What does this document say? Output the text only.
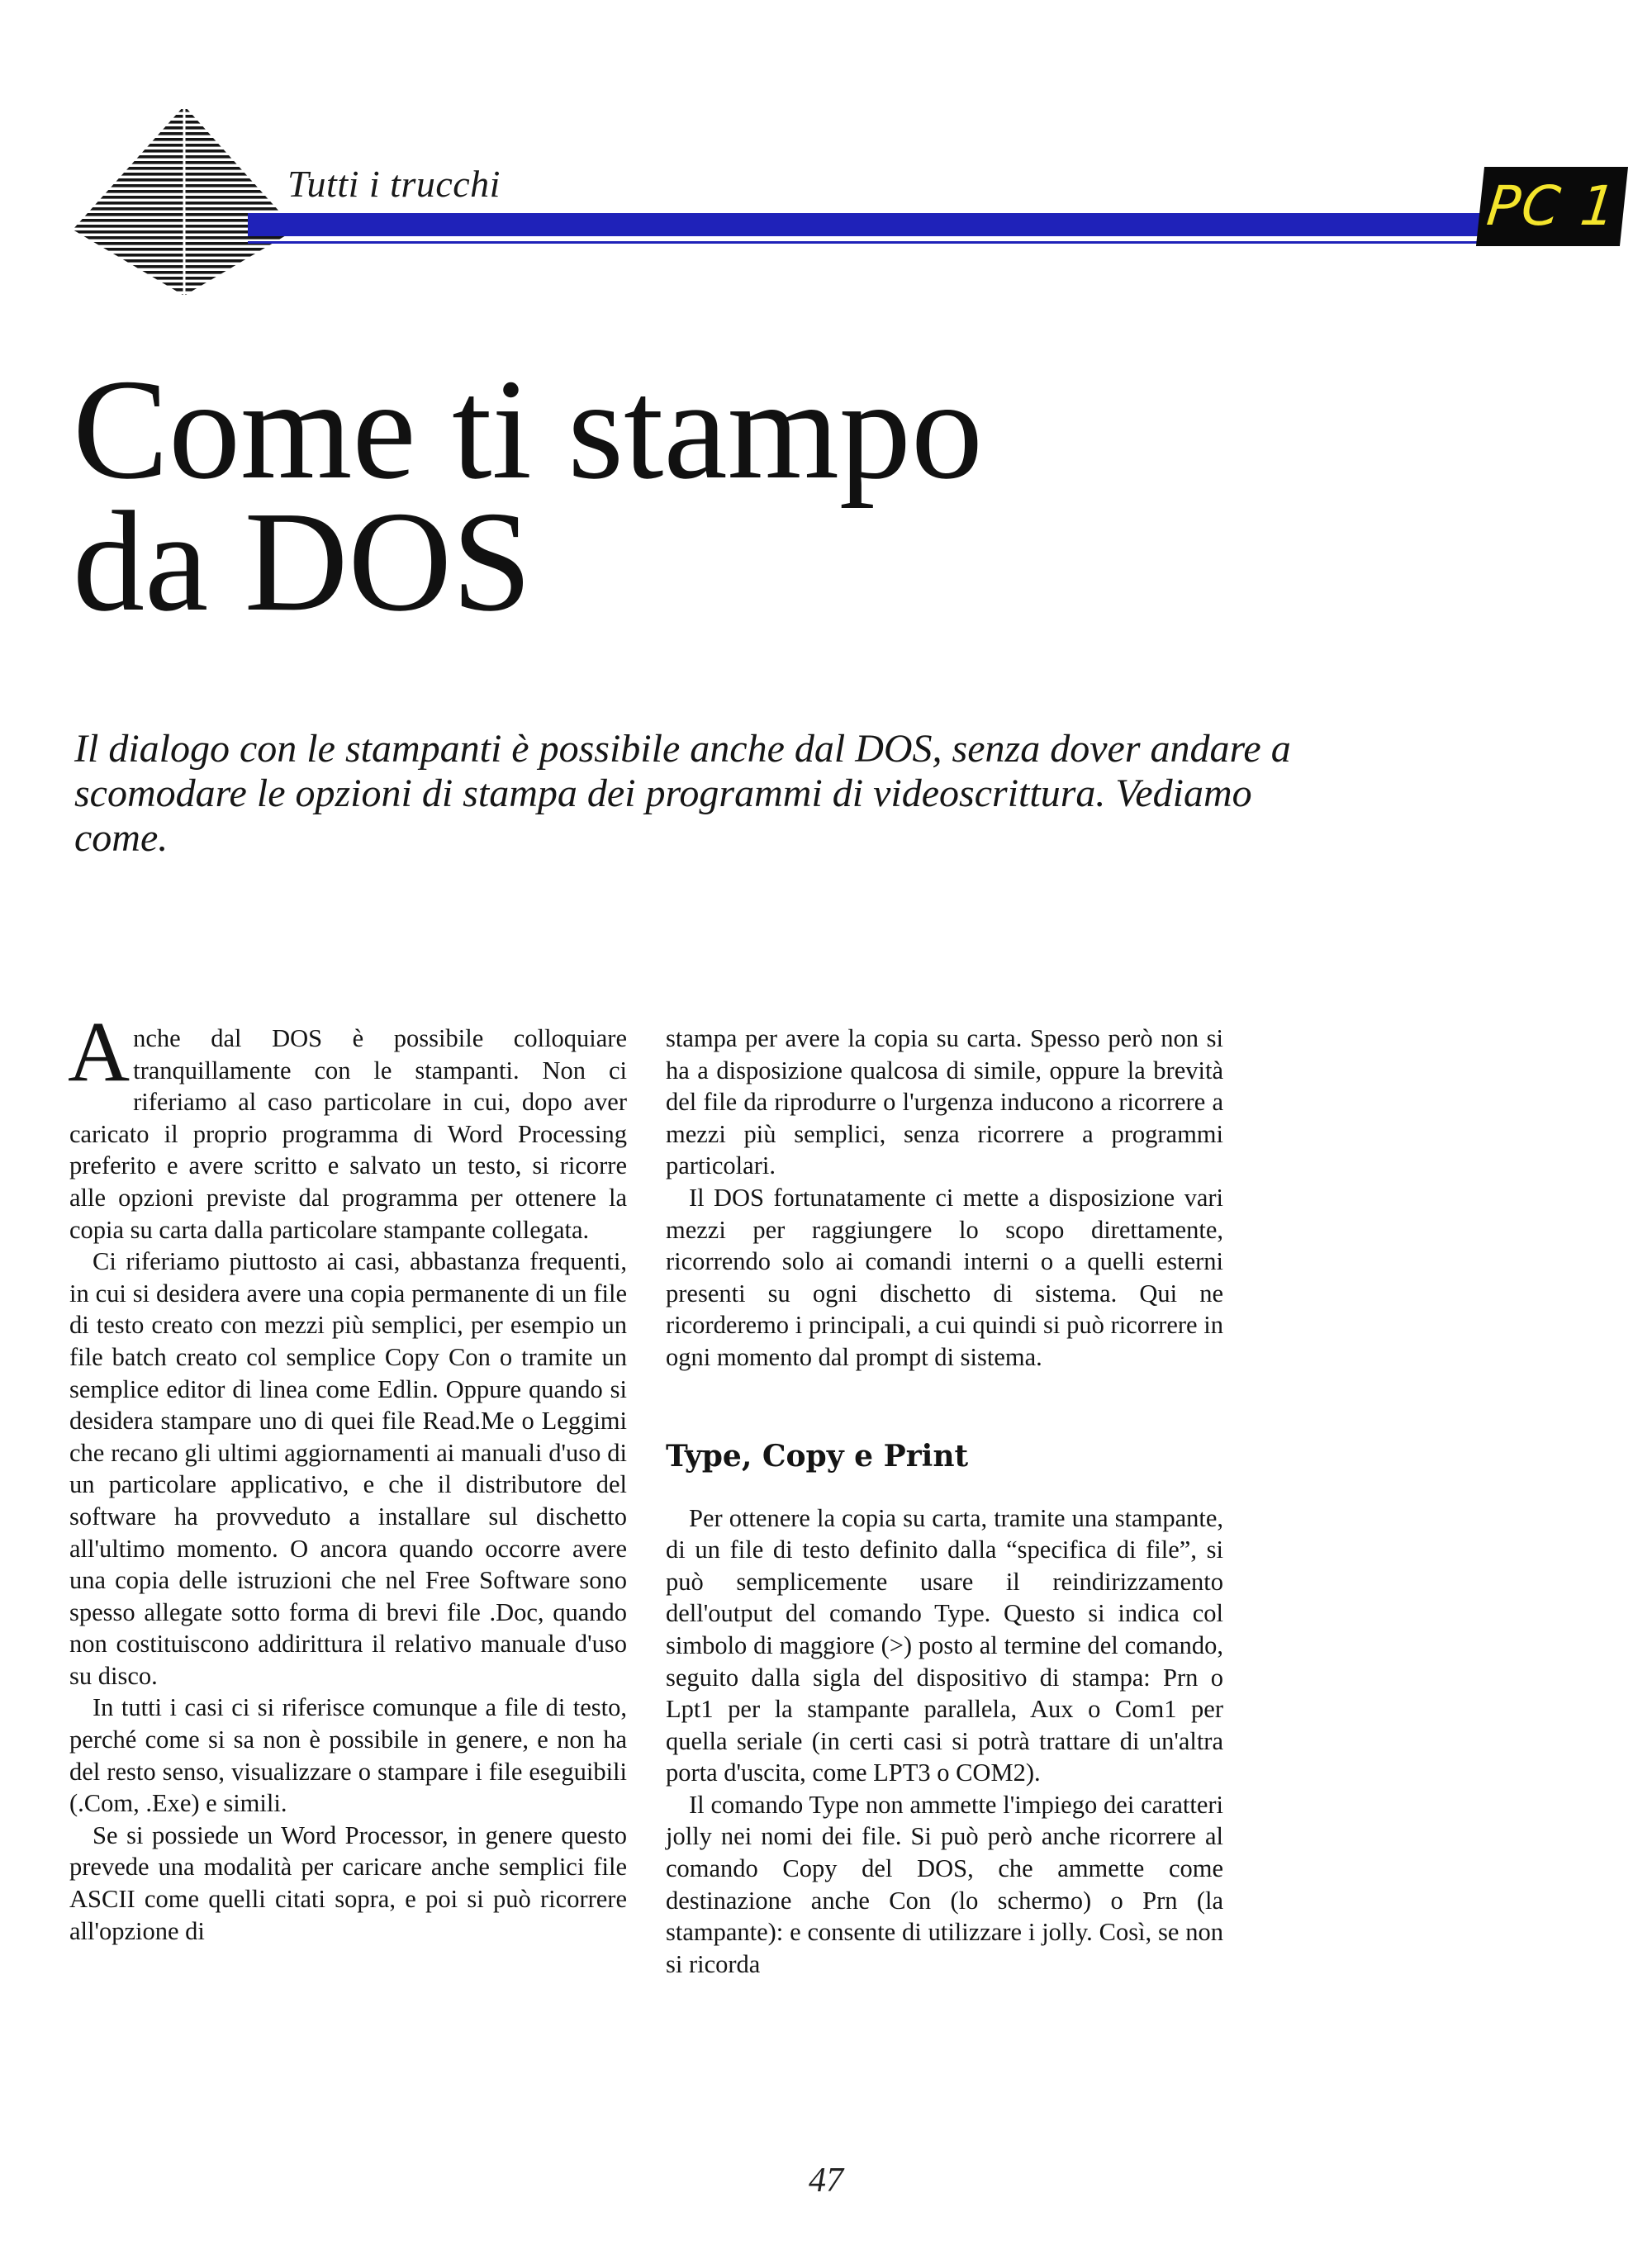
Tutti i trucchi	PC 1
Come ti stampo
da DOS

Il dialogo con le stampanti è possibile anche dal DOS, senza dover andare a scomodare le opzioni di stampa dei programmi di videoscrittura. Vediamo come.

Anche dal DOS è possibile colloquiare tranquillamente con le stampanti. Non ci riferiamo al caso particolare in cui, dopo aver caricato il proprio programma di Word Processing preferito e avere scritto e salvato un testo, si ricorre alle opzioni previste dal programma per ottenere la copia su carta dalla particolare stampante collegata.

Ci riferiamo piuttosto ai casi, abbastanza frequenti, in cui si desidera avere una copia permanente di un file di testo creato con mezzi più semplici, per esempio un file batch creato col semplice Copy Con o tramite un semplice editor di linea come Edlin. Oppure quando si desidera stampare uno di quei file Read.Me o Leggimi che recano gli ultimi aggiornamenti ai manuali d'uso di un particolare applicativo, e che il distributore del software ha provveduto a installare sul dischetto all'ultimo momento. O ancora quando occorre avere una copia delle istruzioni che nel Free Software sono spesso allegate sotto forma di brevi file .Doc, quando non costituiscono addirittura il relativo manuale d'uso su disco.

In tutti i casi ci si riferisce comunque a file di testo, perché come si sa non è possibile in genere, e non ha del resto senso, visualizzare o stampare i file eseguibili (.Com, .Exe) e simili.

Se si possiede un Word Processor, in genere questo prevede una modalità per caricare anche semplici file ASCII come quelli citati sopra, e poi si può ricorrere all'opzione di

stampa per avere la copia su carta. Spesso però non si ha a disposizione qualcosa di simile, oppure la brevità del file da riprodurre o l'urgenza inducono a ricorrere a mezzi più semplici, senza ricorrere a programmi particolari.

Il DOS fortunatamente ci mette a disposizione vari mezzi per raggiungere lo scopo direttamente, ricorrendo solo ai comandi interni o a quelli esterni presenti su ogni dischetto di sistema. Qui ne ricorderemo i principali, a cui quindi si può ricorrere in ogni momento dal prompt di sistema.

Type, Copy e Print

Per ottenere la copia su carta, tramite una stampante, di un file di testo definito dalla “specifica di file”, si può semplicemente usare il reindirizzamento dell'output del comando Type. Questo si indica col simbolo di maggiore (>) posto al termine del comando, seguito dalla sigla del dispositivo di stampa: Prn o Lpt1 per la stampante parallela, Aux o Com1 per quella seriale (in certi casi si potrà trattare di un'altra porta d'uscita, come LPT3 o COM2).

Il comando Type non ammette l'impiego dei caratteri jolly nei nomi dei file. Si può però anche ricorrere al comando Copy del DOS, che ammette come destinazione anche Con (lo schermo) o Prn (la stampante): e consente di utilizzare i jolly. Così, se non si ricorda

47
